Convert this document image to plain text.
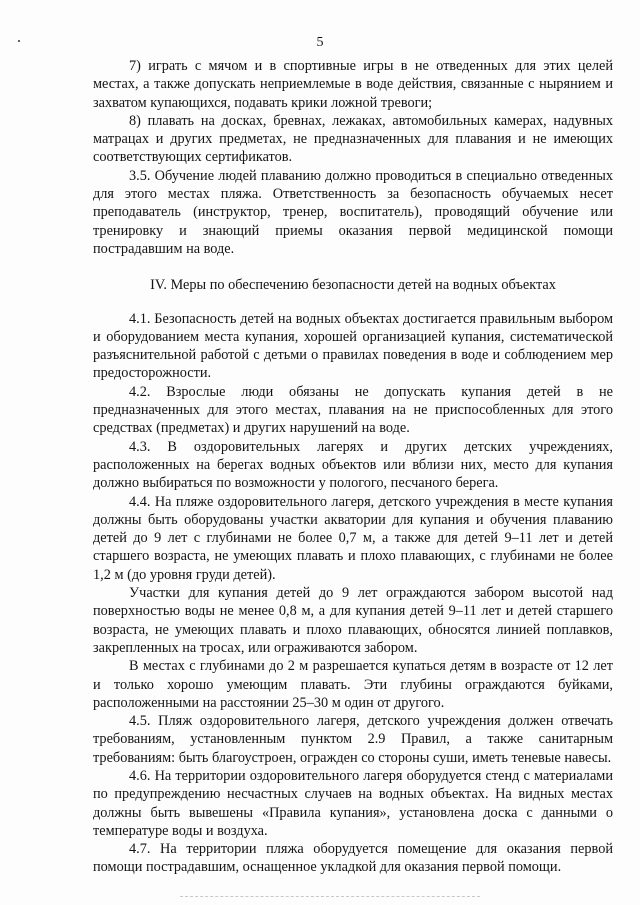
5

7) играть с мячом и в спортивные игры в не отведенных для этих целей местах, а также допускать неприемлемые в воде действия, связанные с нырянием и захватом купающихся, подавать крики ложной тревоги;

8) плавать на досках, бревнах, лежаках, автомобильных камерах, надувных матрацах и других предметах, не предназначенных для плавания и не имеющих соответствующих сертификатов.

3.5. Обучение людей плаванию должно проводиться в специально отведенных для этого местах пляжа. Ответственность за безопасность обучаемых несет преподаватель (инструктор, тренер, воспитатель), проводящий обучение или тренировку и знающий приемы оказания первой медицинской помощи пострадавшим на воде.

IV. Меры по обеспечению безопасности детей на водных объектах

4.1. Безопасность детей на водных объектах достигается правильным выбором и оборудованием места купания, хорошей организацией купания, систематической разъяснительной работой с детьми о правилах поведения в воде и соблюдением мер предосторожности.

4.2. Взрослые люди обязаны не допускать купания детей в не предназначенных для этого местах, плавания на не приспособленных для этого средствах (предметах) и других нарушений на воде.

4.3. В оздоровительных лагерях и других детских учреждениях, расположенных на берегах водных объектов или вблизи них, место для купания должно выбираться по возможности у пологого, песчаного берега.

4.4. На пляже оздоровительного лагеря, детского учреждения в месте купания должны быть оборудованы участки акватории для купания и обучения плаванию детей до 9 лет с глубинами не более 0,7 м, а также для детей 9–11 лет и детей старшего возраста, не умеющих плавать и плохо плавающих, с глубинами не более 1,2 м (до уровня груди детей).

Участки для купания детей до 9 лет ограждаются забором высотой над поверхностью воды не менее 0,8 м, а для купания детей 9–11 лет и детей старшего возраста, не умеющих плавать и плохо плавающих, обносятся линией поплавков, закрепленных на тросах, или ограживаются забором.

В местах с глубинами до 2 м разрешается купаться детям в возрасте от 12 лет и только хорошо умеющим плавать. Эти глубины ограждаются буйками, расположенными на расстоянии 25–30 м один от другого.

4.5. Пляж оздоровительного лагеря, детского учреждения должен отвечать требованиям, установленным пунктом 2.9 Правил, а также санитарным требованиям: быть благоустроен, огражден со стороны суши, иметь теневые навесы.

4.6. На территории оздоровительного лагеря оборудуется стенд с материалами по предупреждению несчастных случаев на водных объектах. На видных местах должны быть вывешены «Правила купания», установлена доска с данными о температуре воды и воздуха.

4.7. На территории пляжа оборудуется помещение для оказания первой помощи пострадавшим, оснащенное укладкой для оказания первой помощи.
